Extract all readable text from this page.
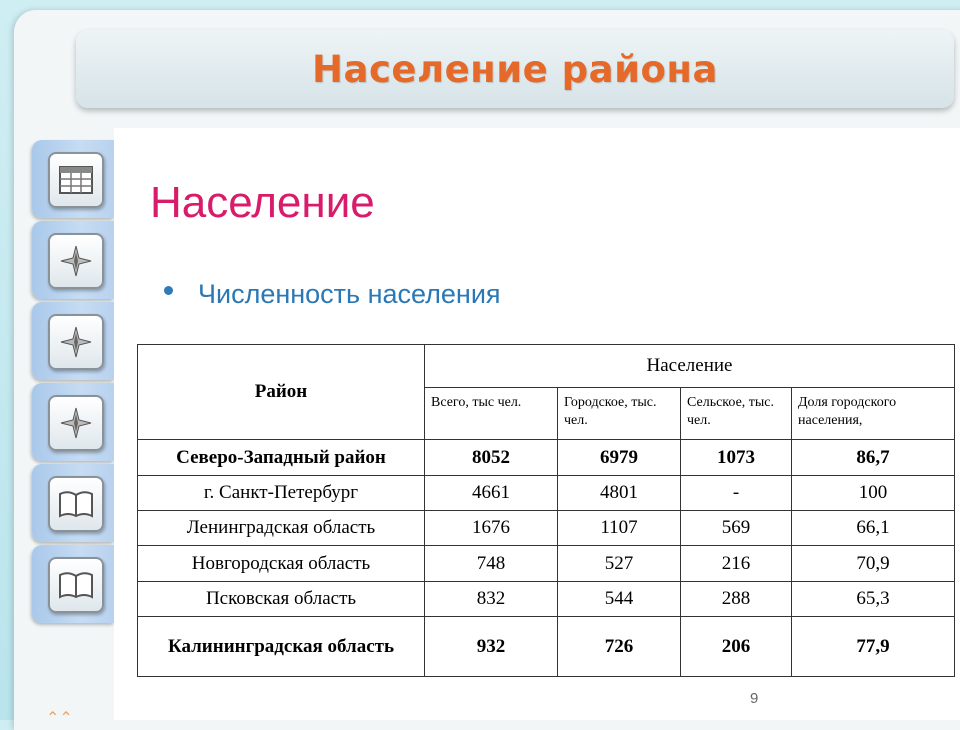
Население района
Население
Численность населения
Район	Население			
	Всего, тыс чел.	Городское, тыс. чел.	Сельское, тыс. чел.	Доля городского населения,
Северо-Западный район	8052	6979	1073	86,7
г. Санкт-Петербург	4661	4801	-	100
Ленинградская область	1676	1107	569	66,1
Новгородская область	748	527	216	70,9
Псковская область	832	544	288	65,3
Калининградская область	932	726	206	77,9
9
⌃⌃
